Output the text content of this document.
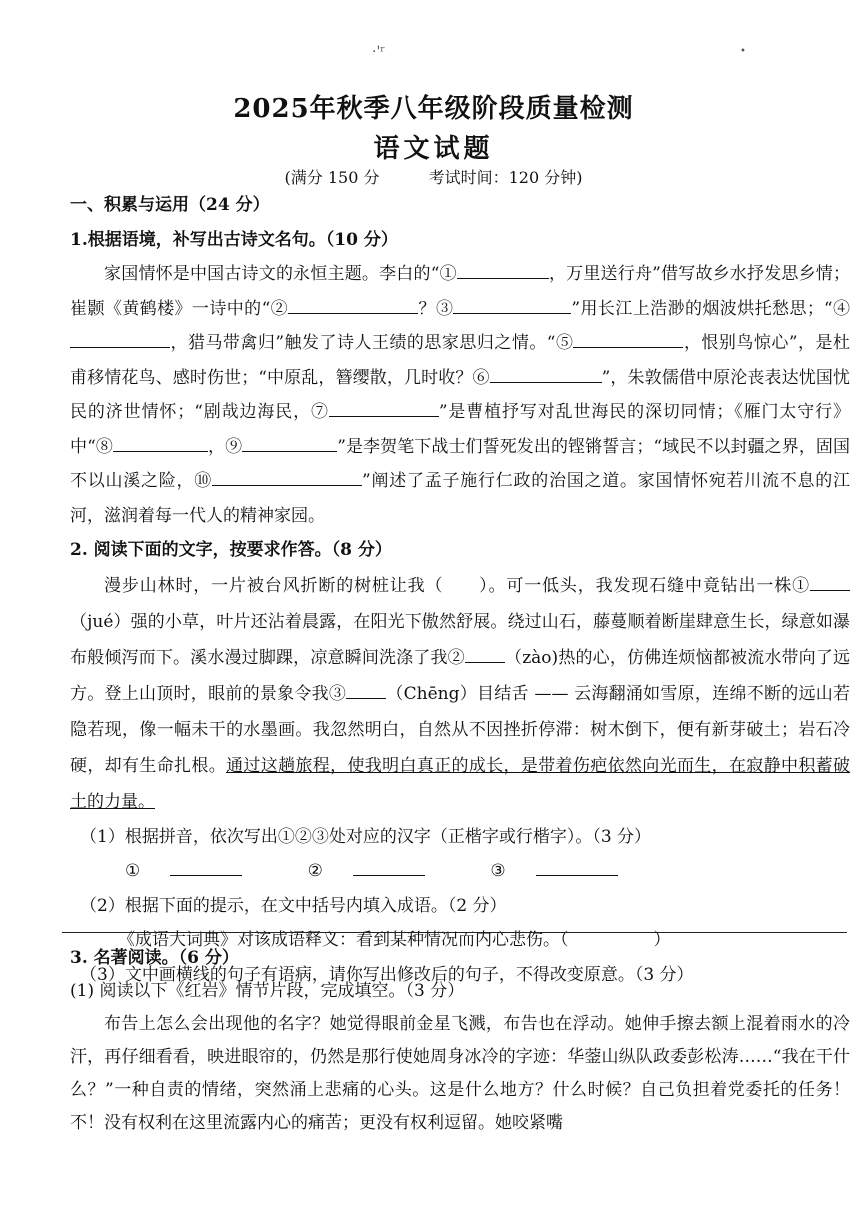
·'ʳ	•
2025年秋季八年级阶段质量检测
语文试题
(满分 150 分	考试时间：120 分钟)
一、积累与运用（24 分）
1.根据语境，补写出古诗文名句。（10 分）
家国情怀是中国古诗文的永恒主题。李白的“①	，万里送行舟”借写故乡水抒发思乡情；崔颢《黄鹤楼》一诗中的“②	？③	”用长江上浩渺的烟波烘托愁思；“④，猎马带禽归”触发了诗人王绩的思家思归之情。“⑤	，恨别鸟惊心”，是杜甫移情花鸟、感时伤世；“中原乱，簪缨散，几时收？⑥	”，朱敦儒借中原沦丧表达忧国忧民的济世情怀；“剧哉边海民，⑦	”是曹植抒写对乱世海民的深切同情；《雁门太守行》中“⑧	，⑨	”是李贺笔下战士们誓死发出的铿锵誓言；“域民不以封疆之界，固国不以山溪之险，⑩	”阐述了孟子施行仁政的治国之道。家国情怀宛若川流不息的江河，滋润着每一代人的精神家园。
2. 阅读下面的文字，按要求作答。（8 分）
漫步山林时，一片被台风折断的树桩让我（　　）。可一低头，我发现石缝中竟钻出一株①（jué）强的小草，叶片还沾着晨露，在阳光下傲然舒展。绕过山石，藤蔓顺着断崖肆意生长，绿意如瀑布般倾泻而下。溪水漫过脚踝，凉意瞬间洗涤了我② （zào)热的心，仿佛连烦恼都被流水带向了远方。登上山顶时，眼前的景象令我③ （Chēng）目结舌 —— 云海翻涌如雪原，连绵不断的远山若隐若现，像一幅未干的水墨画。我忽然明白，自然从不因挫折停滞：树木倒下，便有新芽破土；岩石冷硬，却有生命扎根。通过这趟旅程，使我明白真正的成长，是带着伤疤依然向光而生，在寂静中积蓄破土的力量。
（1）根据拼音，依次写出①②③处对应的汉字（正楷字或行楷字）。（3 分）
①	②	③
（2）根据下面的提示，在文中括号内填入成语。（2 分）
《成语大词典》对该成语释义：看到某种情况而内心悲伤。（　　　　　）
（3）文中画横线的句子有语病，请你写出修改后的句子，不得改变原意。（3 分）
3. 名著阅读。（6 分）
(1) 阅读以下《红岩》情节片段，完成填空。（3 分）
布告上怎么会出现他的名字？她觉得眼前金星飞溅，布告也在浮动。她伸手擦去额上混着雨水的冷汗，再仔细看看，映进眼帘的，仍然是那行使她周身冰冷的字迹：华蓥山纵队政委彭松涛……“我在干什么？”一种自责的情绪，突然涌上悲痛的心头。这是什么地方？什么时候？自己负担着党委托的任务！不！没有权利在这里流露内心的痛苦；更没有权利逗留。她咬紧嘴
